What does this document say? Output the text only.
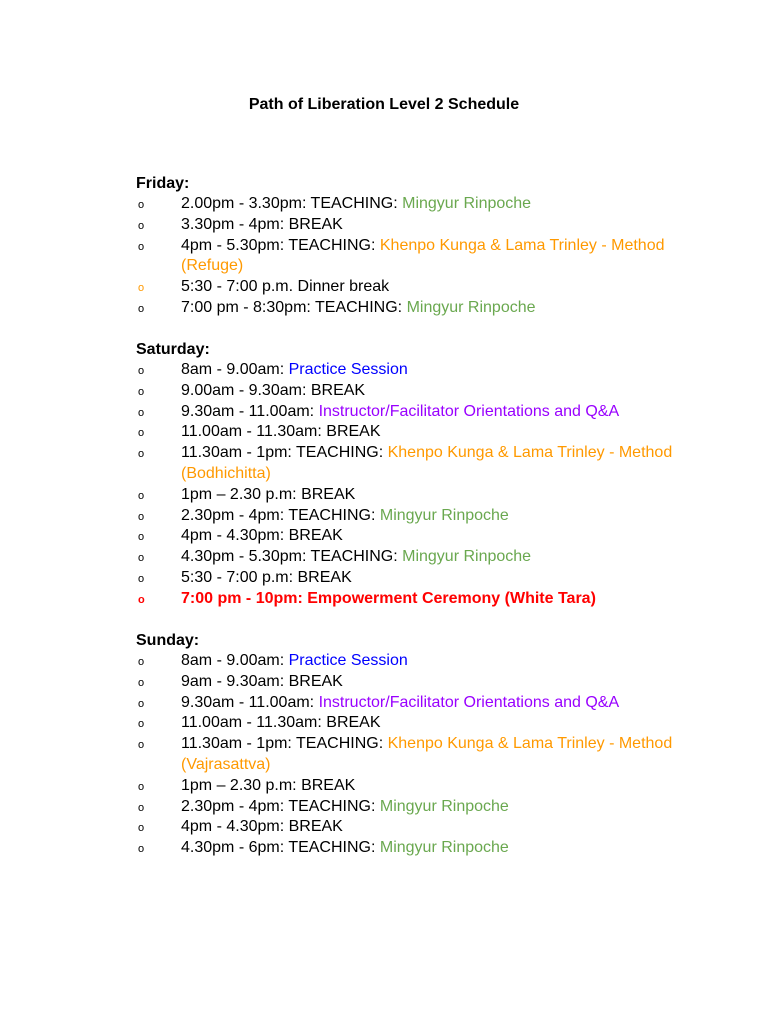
Path of Liberation Level 2 Schedule
Friday:
o	2.00pm - 3.30pm: TEACHING: Mingyur Rinpoche
o	3.30pm - 4pm: BREAK
o	4pm - 5.30pm: TEACHING: Khenpo Kunga & Lama Trinley - Method (Refuge)
o	5:30 - 7:00 p.m. Dinner break
o	7:00 pm - 8:30pm: TEACHING: Mingyur Rinpoche
Saturday:
o	8am - 9.00am: Practice Session
o	9.00am - 9.30am: BREAK
o	9.30am - 11.00am: Instructor/Facilitator Orientations and Q&A
o	11.00am - 11.30am: BREAK
o	11.30am - 1pm: TEACHING: Khenpo Kunga & Lama Trinley - Method (Bodhichitta)
o	1pm – 2.30 p.m: BREAK
o	2.30pm - 4pm: TEACHING: Mingyur Rinpoche
o	4pm - 4.30pm: BREAK
o	4.30pm - 5.30pm: TEACHING: Mingyur Rinpoche
o	5:30 - 7:00 p.m: BREAK
o	7:00 pm - 10pm: Empowerment Ceremony (White Tara)
Sunday:
o	8am - 9.00am: Practice Session
o	9am - 9.30am: BREAK
o	9.30am - 11.00am: Instructor/Facilitator Orientations and Q&A
o	11.00am - 11.30am: BREAK
o	11.30am - 1pm: TEACHING: Khenpo Kunga & Lama Trinley - Method (Vajrasattva)
o	1pm – 2.30 p.m: BREAK
o	2.30pm - 4pm: TEACHING: Mingyur Rinpoche
o	4pm - 4.30pm: BREAK
o	4.30pm - 6pm: TEACHING: Mingyur Rinpoche
